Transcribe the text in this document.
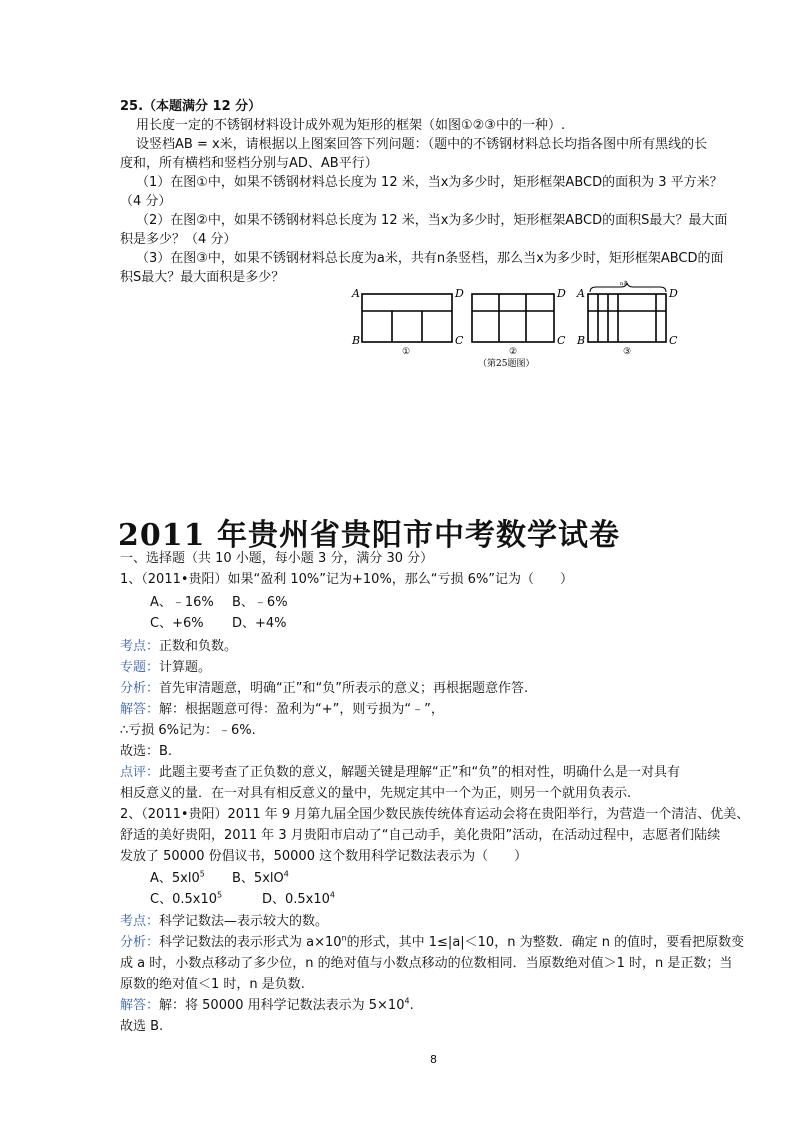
25.（本题满分 12 分）
用长度一定的不锈钢材料设计成外观为矩形的框架（如图①②③中的一种）.
设竖档AB = x米，请根据以上图案回答下列问题：（题中的不锈钢材料总长均指各图中所有黑线的长
度和，所有横档和竖档分别与AD、AB平行）
（1）在图①中，如果不锈钢材料总长度为 12 米，当x为多少时，矩形框架ABCD的面积为 3 平方米？
（4 分）
（2）在图②中，如果不锈钢材料总长度为 12 米，当x为多少时，矩形框架ABCD的面积S最大？最大面
积是多少？（4 分）
（3）在图③中，如果不锈钢材料总长度为a米，共有n条竖档，那么当x为多少时，矩形框架ABCD的面
积S最大？最大面积是多少？
A	D
B	C
D
C
A	D
B	C
①	②	③
n条
（第25题图）
2011 年贵州省贵阳市中考数学试卷
一、选择题（共 10 小题，每小题 3 分，满分 30 分）
1、（2011•贵阳）如果“盈利 10%”记为+10%，那么“亏损 6%”记为（　　）
A、﹣16% B、﹣6%
C、+6% D、+4%
考点：正数和负数。
专题：计算题。
分析：首先审清题意，明确“正”和“负”所表示的意义；再根据题意作答.
解答：解：根据题意可得：盈利为“+”，则亏损为“﹣”，
∴亏损 6%记为：﹣6%.
故选：B.
点评：此题主要考查了正负数的意义，解题关键是理解“正”和“负”的相对性，明确什么是一对具有
相反意义的量．在一对具有相反意义的量中，先规定其中一个为正，则另一个就用负表示.
2、（2011•贵阳）2011 年 9 月第九届全国少数民族传统体育运动会将在贵阳举行，为营造一个清洁、优美、
舒适的美好贵阳，2011 年 3 月贵阳市启动了“自己动手，美化贵阳”活动，在活动过程中，志愿者们陆续
发放了 50000 份倡议书，50000 这个数用科学记数法表示为（　　）
A、$5xl0^5$ B、5xlO$^4$
C、$0.5x10^5$	D、$0.5x10^4$
考点：科学记数法—表示较大的数。
分析：科学记数法的表示形式为 $a\times 10^n$的形式，其中 1≤|a|＜10，n 为整数．确定 n 的值时，要看把原数变
成 a 时，小数点移动了多少位，n 的绝对值与小数点移动的位数相同．当原数绝对值＞1 时，n 是正数；当
原数的绝对值＜1 时，n 是负数.
解答：解：将 50000 用科学记数法表示为 $5\times 10^4$.
故选 B.
8
